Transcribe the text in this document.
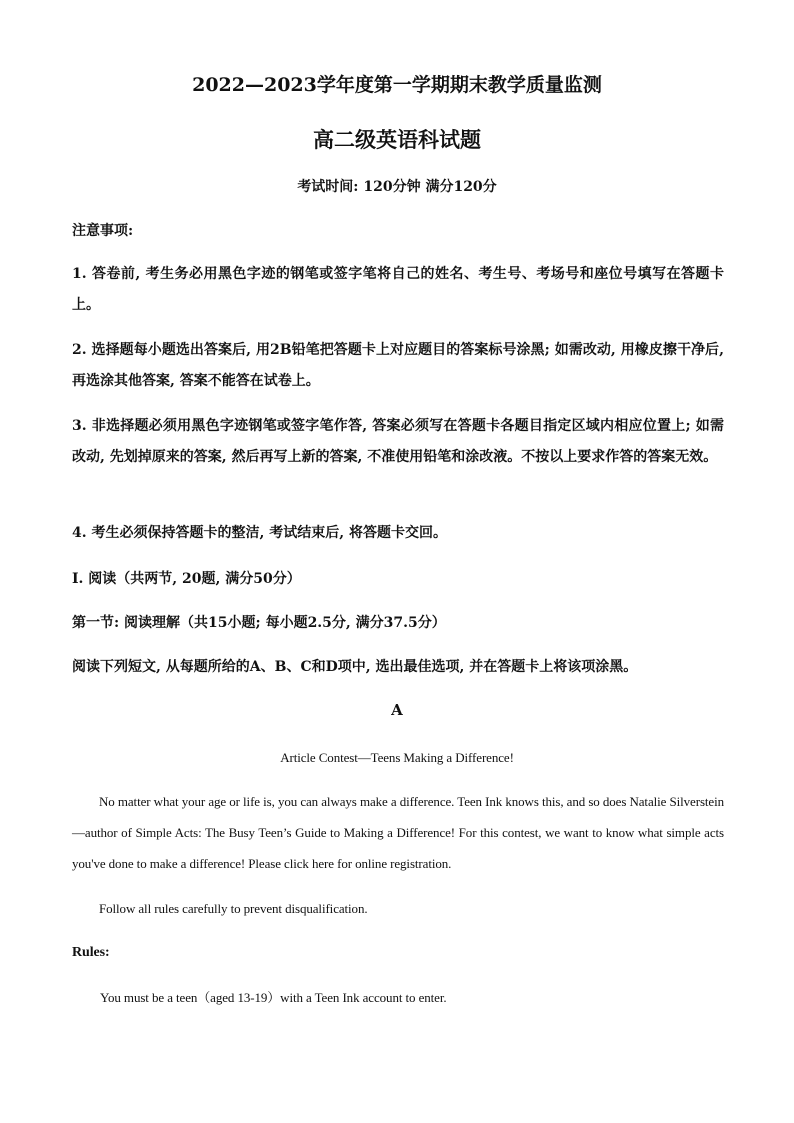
2022—2023学年度第一学期期末教学质量监测
高二级英语科试题
考试时间: 120分钟 满分120分
注意事项:
1. 答卷前, 考生务必用黑色字迹的钢笔或签字笔将自己的姓名、考生号、考场号和座位号填写在答题卡上。
2. 选择题每小题选出答案后, 用2B铅笔把答题卡上对应题目的答案标号涂黑; 如需改动, 用橡皮擦干净后, 再选涂其他答案, 答案不能答在试卷上。
3. 非选择题必须用黑色字迹钢笔或签字笔作答, 答案必须写在答题卡各题目指定区域内相应位置上; 如需改动, 先划掉原来的答案, 然后再写上新的答案, 不准使用铅笔和涂改液。不按以上要求作答的答案无效。
4. 考生必须保持答题卡的整洁, 考试结束后, 将答题卡交回。
I. 阅读（共两节, 20题, 满分50分）
第一节: 阅读理解（共15小题; 每小题2.5分, 满分37.5分）
阅读下列短文, 从每题所给的A、B、C和D项中, 选出最佳选项, 并在答题卡上将该项涂黑。
A
Article Contest—Teens Making a Difference!
No matter what your age or life is, you can always make a difference. Teen Ink knows this, and so does Natalie Silverstein—author of Simple Acts: The Busy Teen’s Guide to Making a Difference! For this contest, we want to know what simple acts you've done to make a difference! Please click here for online registration.
Follow all rules carefully to prevent disqualification.
Rules:
You must be a teen（aged 13-19）with a Teen Ink account to enter.
